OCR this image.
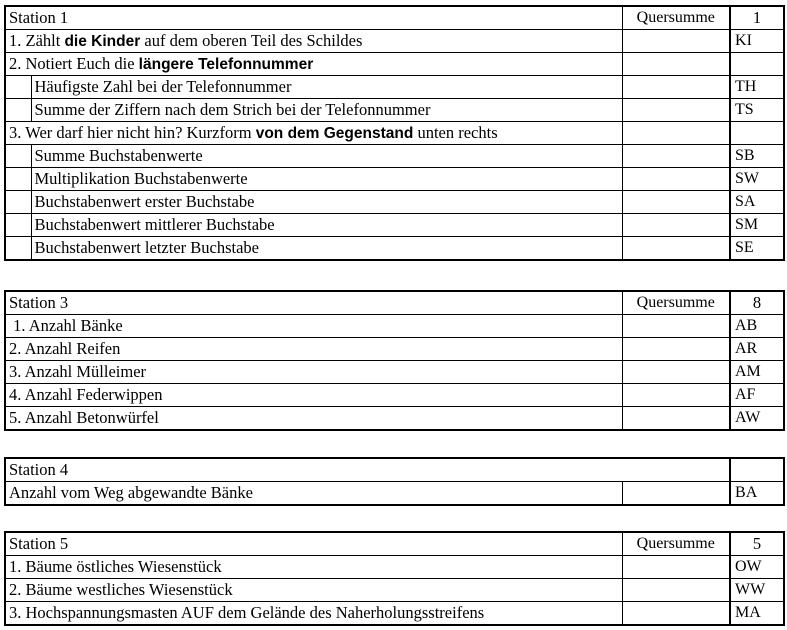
Station 1		Quersumme	1
1. Zählt die Kinder auf dem oberen Teil des Schildes			KI
2. Notiert Euch die längere Telefonnummer			
	Häufigste Zahl bei der Telefonnummer		TH
	Summe der Ziffern nach dem Strich bei der Telefonnummer		TS
3. Wer darf hier nicht hin? Kurzform von dem Gegenstand unten rechts			
	Summe Buchstabenwerte		SB
	Multiplikation Buchstabenwerte		SW
	Buchstabenwert erster Buchstabe		SA
	Buchstabenwert mittlerer Buchstabe		SM
	Buchstabenwert letzter Buchstabe		SE
Station 3	Quersumme	8
1. Anzahl Bänke		AB
2. Anzahl Reifen		AR
3. Anzahl Mülleimer		AM
4. Anzahl Federwippen		AF
5. Anzahl Betonwürfel		AW
Station 4		
Anzahl vom Weg abgewandte Bänke		BA
Station 5	Quersumme	5
1. Bäume östliches Wiesenstück		OW
2. Bäume westliches Wiesenstück		WW
3. Hochspannungsmasten AUF dem Gelände des Naherholungsstreifens		MA
